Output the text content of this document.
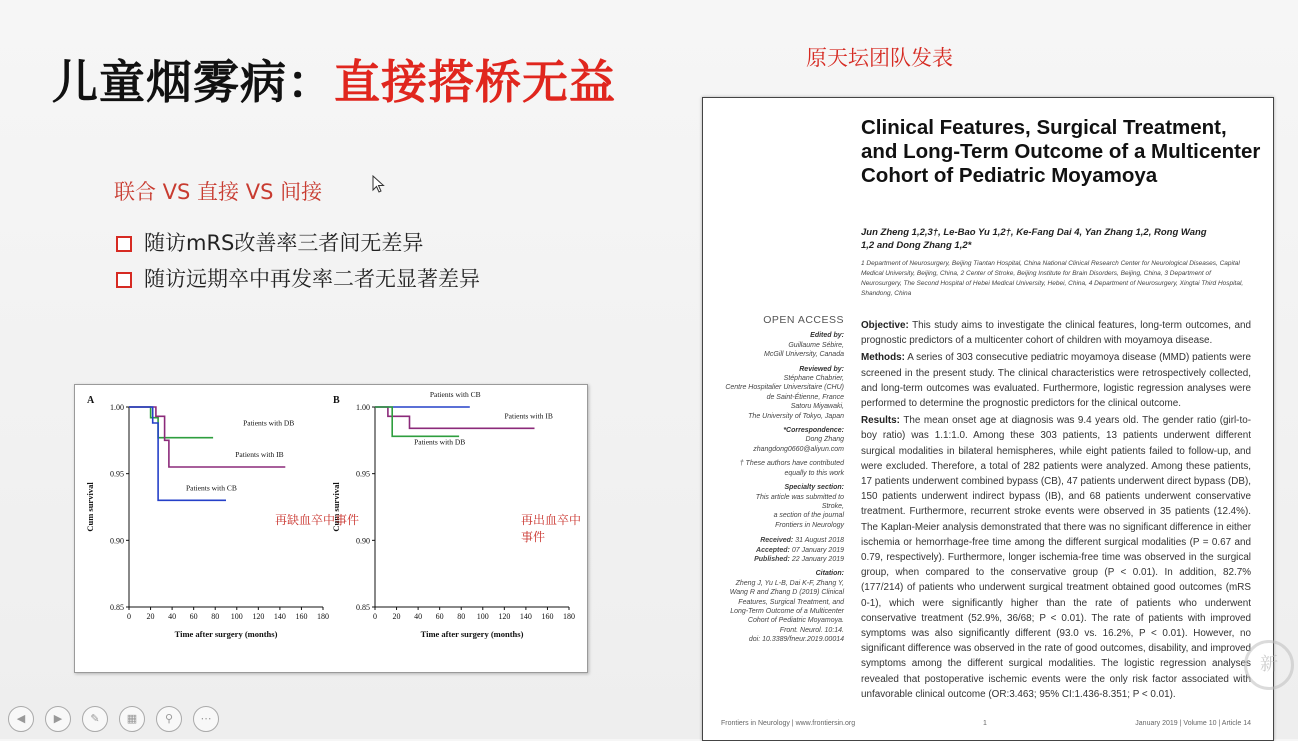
儿童烟雾病：直接搭桥无益	原天坛团队发表
联合 VS 直接 VS 间接
随访mRS改善率三者间无差异
随访远期卒中再发率二者无显著差异
A
0 20 40 60 80 100 120 140 160 180
0.85
0.90
0.95
1.00
Time after surgery (months)
Cum survival
Patients with DB
Patients with IB
Patients with CB
B
0 20 40 60 80 100 120 140 160 180
0.85
0.90
0.95
1.00
Time after surgery (months)
Cum survival
Patients with CB
Patients with IB
Patients with DB
再缺血卒中事件	再出血卒中事件
Clinical Features, Surgical Treatment, and Long-Term Outcome of a Multicenter Cohort of Pediatric Moyamoya
Jun Zheng 1,2,3†, Le-Bao Yu 1,2†, Ke-Fang Dai 4, Yan Zhang 1,2, Rong Wang 1,2 and Dong Zhang 1,2*
1 Department of Neurosurgery, Beijing Tiantan Hospital, China National Clinical Research Center for Neurological Diseases, Capital Medical University, Beijing, China, 2 Center of Stroke, Beijing Institute for Brain Disorders, Beijing, China, 3 Department of Neurosurgery, The Second Hospital of Hebei Medical University, Hebei, China, 4 Department of Neurosurgery, Xingtai Third Hospital, Shandong, China
OPEN ACCESS
Edited by:
Guillaume Sébire,
McGill University, Canada
Reviewed by:
Stéphane Chabrier,
Centre Hospitalier Universitaire (CHU)
de Saint-Étienne, France
Satoru Miyawaki,
The University of Tokyo, Japan
*Correspondence:
Dong Zhang
zhangdong0660@aliyun.com
† These authors have contributed
equally to this work
Specialty section:
This article was submitted to
Stroke,
a section of the journal
Frontiers in Neurology
Received: 31 August 2018
Accepted: 07 January 2019
Published: 22 January 2019
Citation:
Zheng J, Yu L-B, Dai K-F, Zhang Y,
Wang R and Zhang D (2019) Clinical
Features, Surgical Treatment, and
Long-Term Outcome of a Multicenter
Cohort of Pediatric Moyamoya.
Front. Neurol. 10:14.
doi: 10.3389/fneur.2019.00014

Objective: This study aims to investigate the clinical features, long-term outcomes, and prognostic predictors of a multicenter cohort of children with moyamoya disease.

Methods: A series of 303 consecutive pediatric moyamoya disease (MMD) patients were screened in the present study. The clinical characteristics were retrospectively collected, and long-term outcomes was evaluated. Furthermore, logistic regression analyses were performed to determine the prognostic predictors for the clinical outcome.

Results: The mean onset age at diagnosis was 9.4 years old. The gender ratio (girl-to-boy ratio) was 1.1:1.0. Among these 303 patients, 13 patients underwent different surgical modalities in bilateral hemispheres, while eight patients failed to follow-up, and were excluded. Therefore, a total of 282 patients were analyzed. Among these patients, 17 patients underwent combined bypass (CB), 47 patients underwent direct bypass (DB), 150 patients underwent indirect bypass (IB), and 68 patients underwent conservative treatment. Furthermore, recurrent stroke events were observed in 35 patients (12.4%). The Kaplan-Meier analysis demonstrated that there was no significant difference in either ischemia or hemorrhage-free time among the different surgical modalities (P = 0.67 and 0.79, respectively). Furthermore, longer ischemia-free time was observed in the surgical group, when compared to the conservative group (P < 0.01). In addition, 82.7% (177/214) of patients who underwent surgical treatment obtained good outcomes (mRS 0-1), which were significantly higher than the rate of patients who underwent conservative treatment (52.9%, 36/68; P < 0.01). The rate of patients with improved symptoms was also significantly different (93.0 vs. 16.2%, P < 0.01). However, no significant difference was observed in the rate of good outcomes, disability, and improved symptoms among the different surgical modalities. The logistic regression analyses revealed that postoperative ischemic events were the only risk factor associated with unfavorable clinical outcome (OR:3.463; 95% CI:1.436-8.351; P < 0.01).

Frontiers in Neurology | www.frontiersin.org	1	January 2019 | Volume 10 | Article 14
新
◀	▶	✎	▦	⚲	⋯
